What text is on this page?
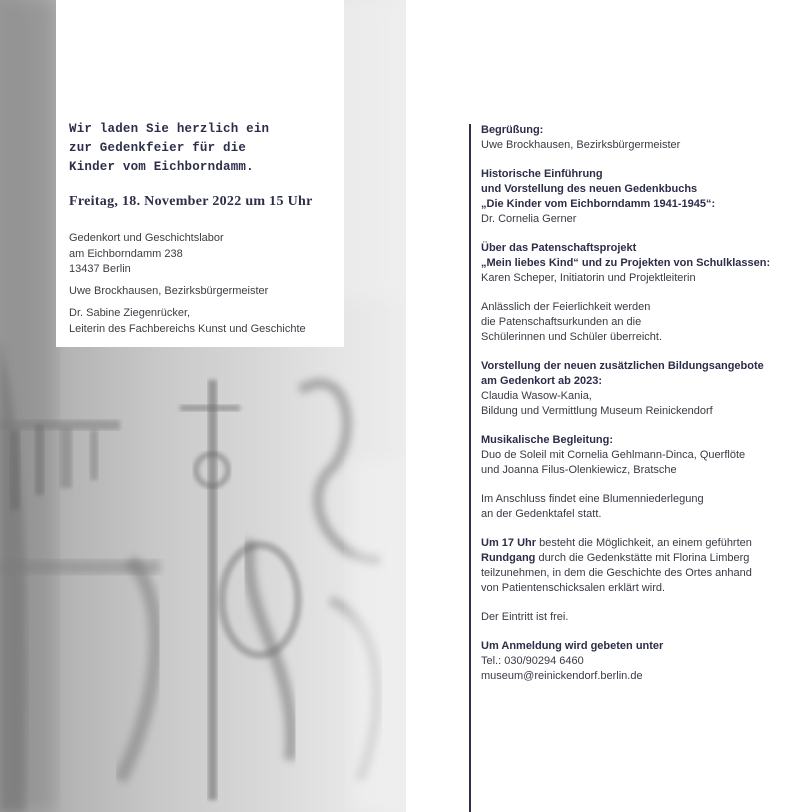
Wir laden Sie herzlich ein
zur Gedenkfeier für die
Kinder vom Eichborndamm.
Freitag, 18. November 2022 um 15 Uhr
Gedenkort und Geschichtslabor
am Eichborndamm 238
13437 Berlin
Uwe Brockhausen, Bezirksbürgermeister
Dr. Sabine Ziegenrücker,
Leiterin des Fachbereichs Kunst und Geschichte
Begrüßung:
Uwe Brockhausen, Bezirksbürgermeister
Historische Einführung
und Vorstellung des neuen Gedenkbuchs
„Die Kinder vom Eichborndamm 1941-1945“:
Dr. Cornelia Gerner
Über das Patenschaftsprojekt
„Mein liebes Kind“ und zu Projekten von Schulklassen:
Karen Scheper, Initiatorin und Projektleiterin
Anlässlich der Feierlichkeit werden
die Patenschaftsurkunden an die
Schülerinnen und Schüler überreicht.
Vorstellung der neuen zusätzlichen Bildungsangebote
am Gedenkort ab 2023:
Claudia Wasow-Kania,
Bildung und Vermittlung Museum Reinickendorf
Musikalische Begleitung:
Duo de Soleil mit Cornelia Gehlmann-Dinca, Querflöte
und Joanna Filus-Olenkiewicz, Bratsche
Im Anschluss findet eine Blumenniederlegung
an der Gedenktafel statt.
Um 17 Uhr besteht die Möglichkeit, an einem geführten
Rundgang durch die Gedenkstätte mit Florina Limberg
teilzunehmen, in dem die Geschichte des Ortes anhand
von Patientenschicksalen erklärt wird.
Der Eintritt ist frei.
Um Anmeldung wird gebeten unter
Tel.: 030/90294 6460
museum@reinickendorf.berlin.de
